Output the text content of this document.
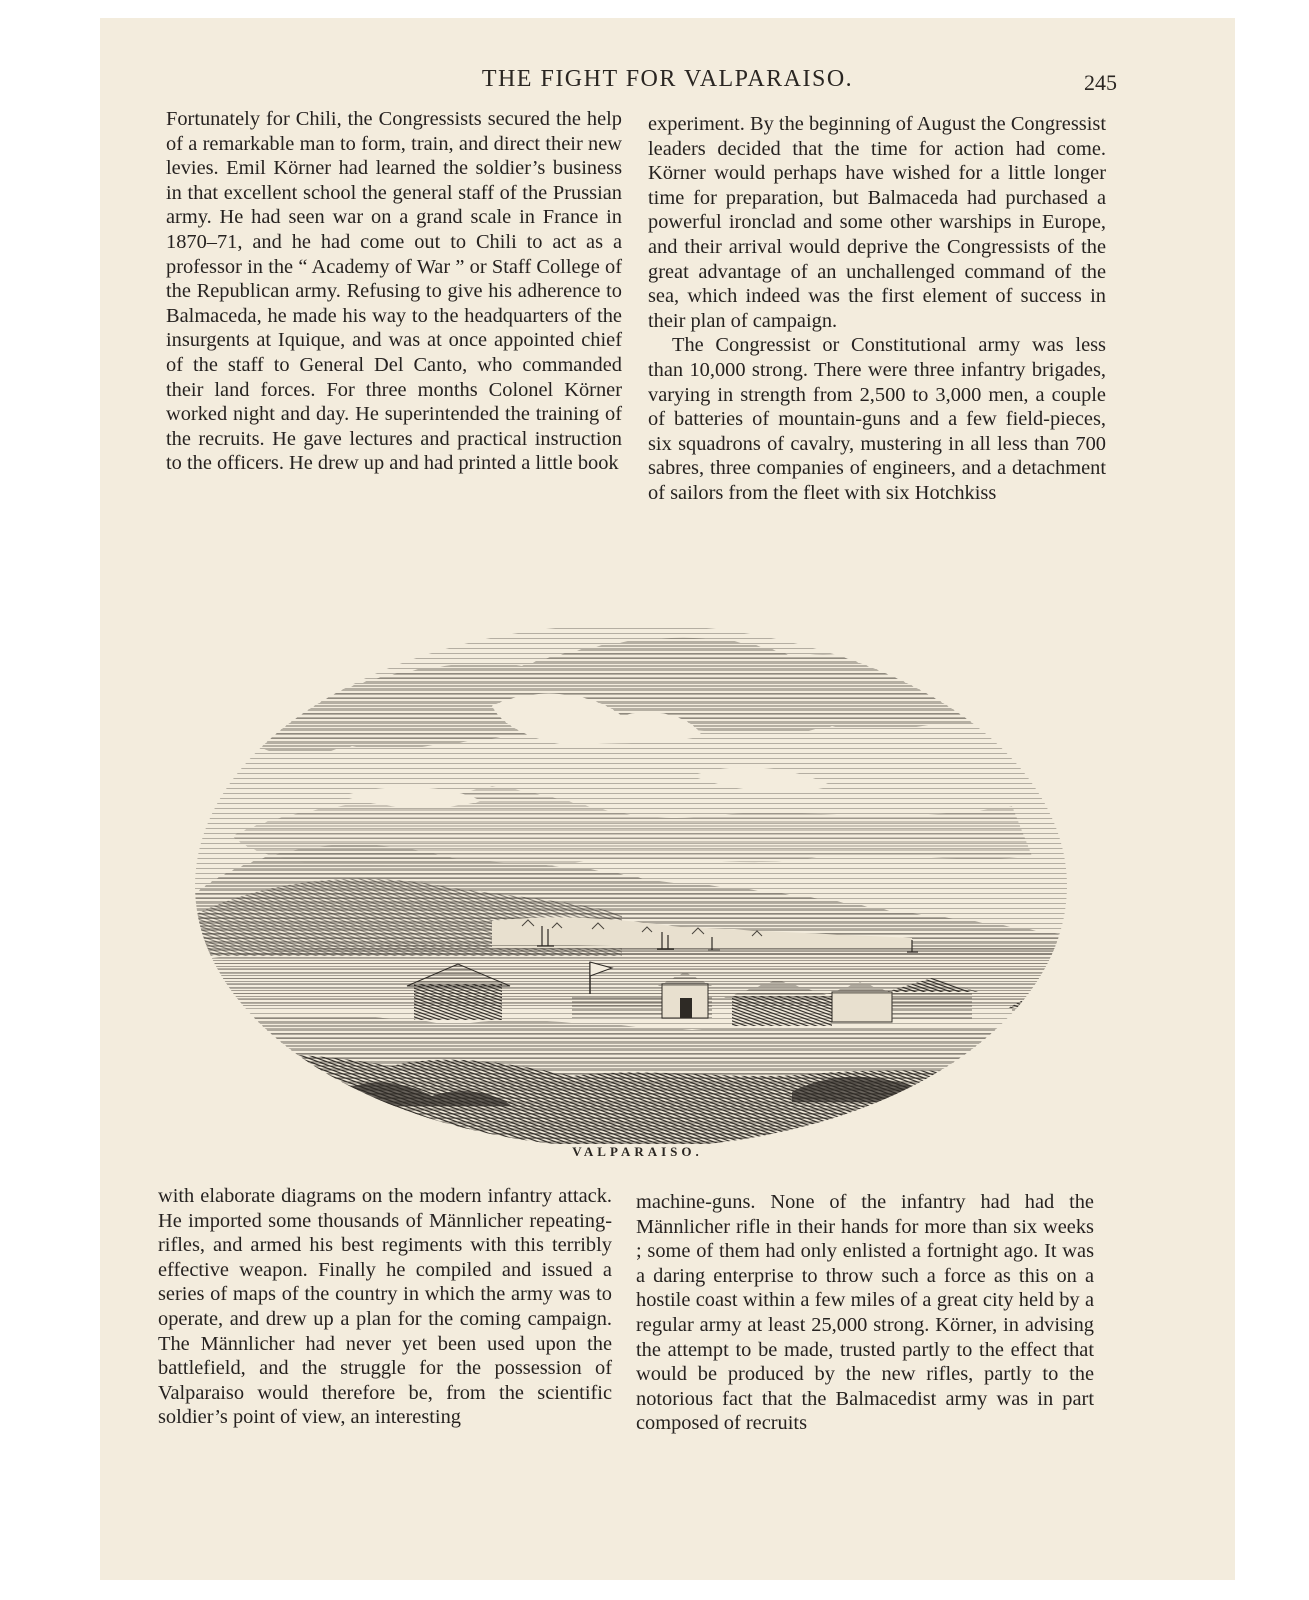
THE FIGHT FOR VALPARAISO.	245

Fortunately for Chili, the Congressists secured the help of a remarkable man to form, train, and direct their new levies. Emil Körner had learned the soldier’s business in that excellent school the general staff of the Prussian army. He had seen war on a grand scale in France in 1870–71, and he had come out to Chili to act as a professor in the “ Academy of War ” or Staff College of the Republican army. Refusing to give his adherence to Balmaceda, he made his way to the headquarters of the insurgents at Iquique, and was at once appointed chief of the staff to General Del Canto, who commanded their land forces. For three months Colonel Körner worked night and day. He superintended the training of the recruits. He gave lectures and practical instruction to the officers. He drew up and had printed a little book

experiment. By the beginning of August the Congressist leaders decided that the time for action had come. Körner would perhaps have wished for a little longer time for preparation, but Balmaceda had purchased a powerful ironclad and some other warships in Europe, and their arrival would deprive the Congressists of the great advantage of an unchallenged command of the sea, which indeed was the first element of success in their plan of campaign.

The Congressist or Constitutional army was less than 10,000 strong. There were three infantry brigades, varying in strength from 2,500 to 3,000 men, a couple of batteries of mountain-guns and a few field-pieces, six squadrons of cavalry, mustering in all less than 700 sabres, three companies of engineers, and a detachment of sailors from the fleet with six Hotchkiss

VALPARAISO.

with elaborate diagrams on the modern infantry attack. He imported some thousands of Männlicher repeating-rifles, and armed his best regiments with this terribly effective weapon. Finally he compiled and issued a series of maps of the country in which the army was to operate, and drew up a plan for the coming campaign. The Männlicher had never yet been used upon the battlefield, and the struggle for the possession of Valparaiso would therefore be, from the scientific soldier’s point of view, an interesting

machine-guns. None of the infantry had had the Männlicher rifle in their hands for more than six weeks ; some of them had only enlisted a fortnight ago. It was a daring enterprise to throw such a force as this on a hostile coast within a few miles of a great city held by a regular army at least 25,000 strong. Körner, in advising the attempt to be made, trusted partly to the effect that would be produced by the new rifles, partly to the notorious fact that the Balmacedist army was in part composed of recruits
